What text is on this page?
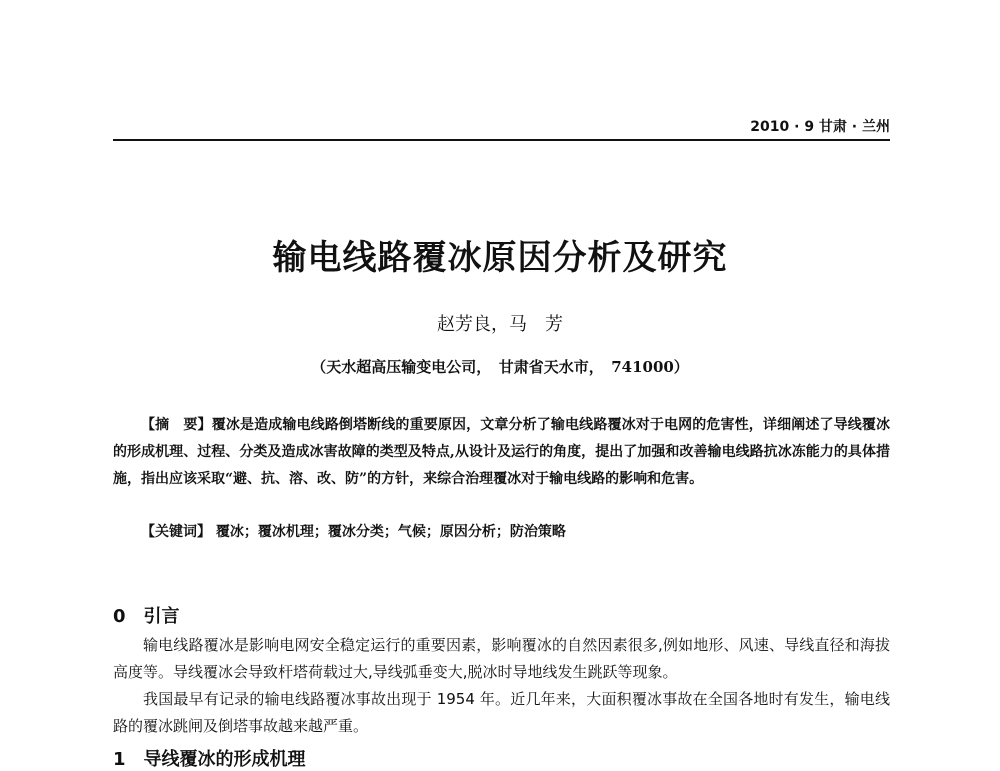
2010 · 9 甘肃 · 兰州
输电线路覆冰原因分析及研究
赵芳良，马　芳
（天水超高压输变电公司，　甘肃省天水市，　741000）
【摘　要】覆冰是造成输电线路倒塔断线的重要原因，文章分析了输电线路覆冰对于电网的危害性，详细阐述了导线覆冰的形成机理、过程、分类及造成冰害故障的类型及特点,从设计及运行的角度，提出了加强和改善输电线路抗冰冻能力的具体措施，指出应该采取“避、抗、溶、改、防”的方针，来综合治理覆冰对于输电线路的影响和危害。
【关键词】 覆冰；覆冰机理；覆冰分类；气候；原因分析；防治策略
0　引言
输电线路覆冰是影响电网安全稳定运行的重要因素，影响覆冰的自然因素很多,例如地形、风速、导线直径和海拔高度等。导线覆冰会导致杆塔荷载过大,导线弧垂变大,脱冰时导地线发生跳跃等现象。
我国最早有记录的输电线路覆冰事故出现于 1954 年。近几年来，大面积覆冰事故在全国各地时有发生，输电线路的覆冰跳闸及倒塔事故越来越严重。
1　导线覆冰的形成机理
